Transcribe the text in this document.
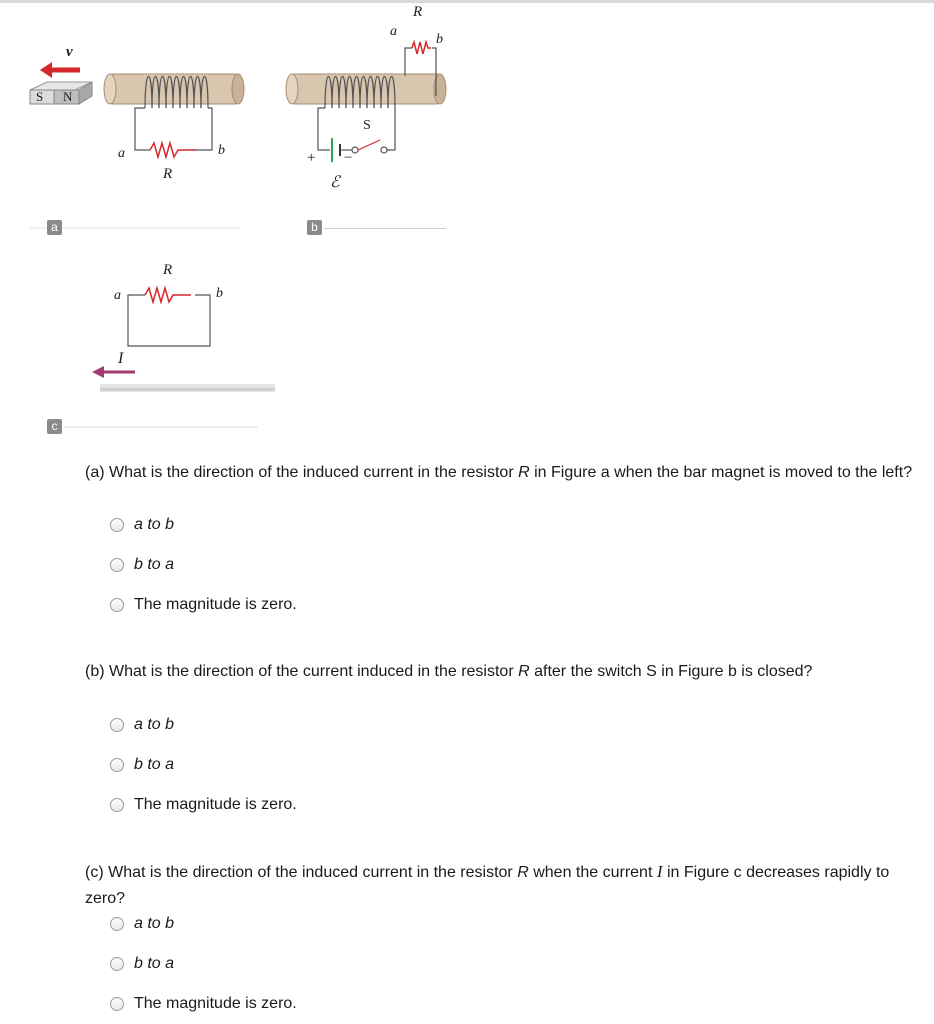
S N
v
a	b
R
a
R
a
b
S
ℰ
+ −
b
R
a	b
I
c

(a) What is the direction of the induced current in the resistor R in Figure a when the bar magnet is moved to the left?

a to b
b to a
The magnitude is zero.

(b) What is the direction of the current induced in the resistor R after the switch S in Figure b is closed?

a to b
b to a
The magnitude is zero.

(c) What is the direction of the induced current in the resistor R when the current I in Figure c decreases rapidly to zero?

a to b
b to a
The magnitude is zero.
